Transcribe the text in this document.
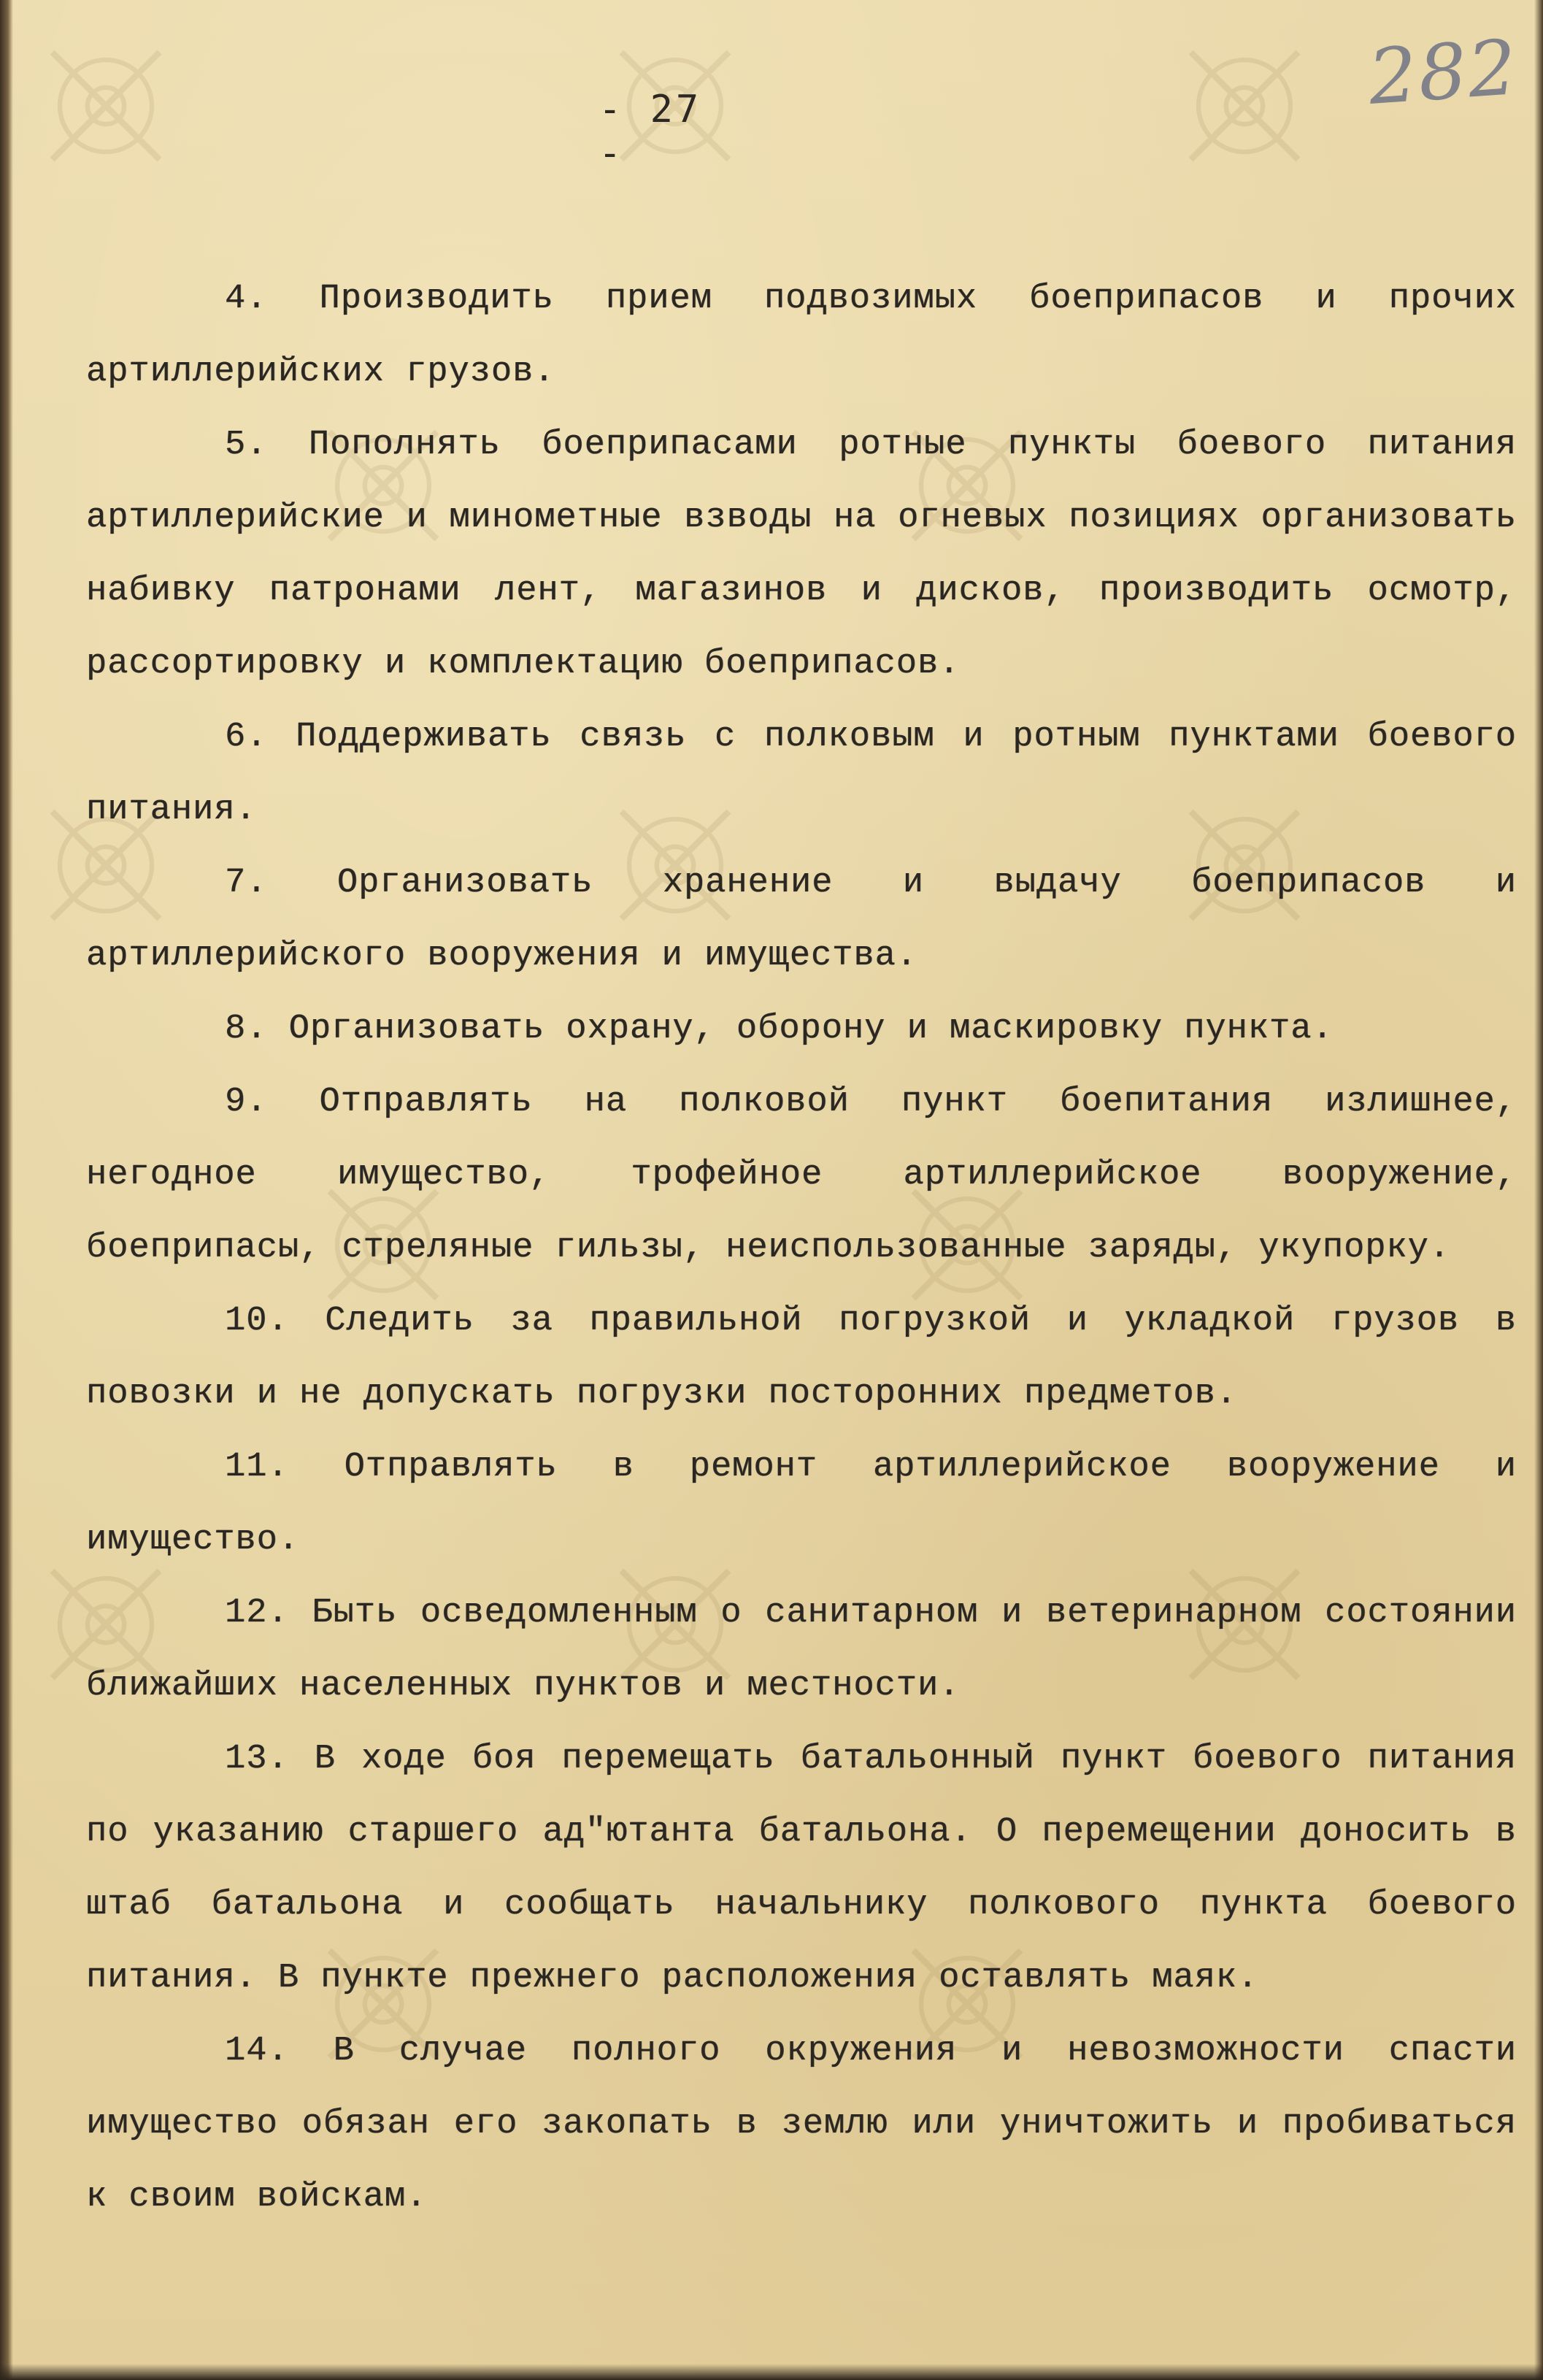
282
- 27 -

4. Производить прием подвозимых боеприпасов и прочих артиллерийских грузов.

5. Пополнять боеприпасами ротные пункты боевого питания артиллерийские и минометные взводы на огневых позициях организовать набивку патронами лент, магазинов и дисков, производить осмотр, рассортировку и комплектацию боеприпасов.

6. Поддерживать связь с полковым и ротным пунктами боевого питания.

7. Организовать хранение и выдачу боеприпасов и артиллерийского вооружения и имущества.

8. Организовать охрану, оборону и маскировку пункта.

9. Отправлять на полковой пункт боепитания излишнее, негодное имущество, трофейное артиллерийское вооружение, боеприпасы, стреляные гильзы, неиспользованные заряды, укупорку.

10. Следить за правильной погрузкой и укладкой грузов в повозки и не допускать погрузки посторонних предметов.

11. Отправлять в ремонт артиллерийское вооружение и имущество.

12. Быть осведомленным о санитарном и ветеринарном состоянии ближайших населенных пунктов и местности.

13. В ходе боя перемещать батальонный пункт боевого питания по указанию старшего ад"ютанта батальона. О перемещении доносить в штаб батальона и сообщать начальнику полкового пункта боевого питания. В пункте прежнего расположения оставлять маяк.

14. В случае полного окружения и невозможности спасти имущество обязан его закопать в землю или уничтожить и пробиваться к своим войскам.
